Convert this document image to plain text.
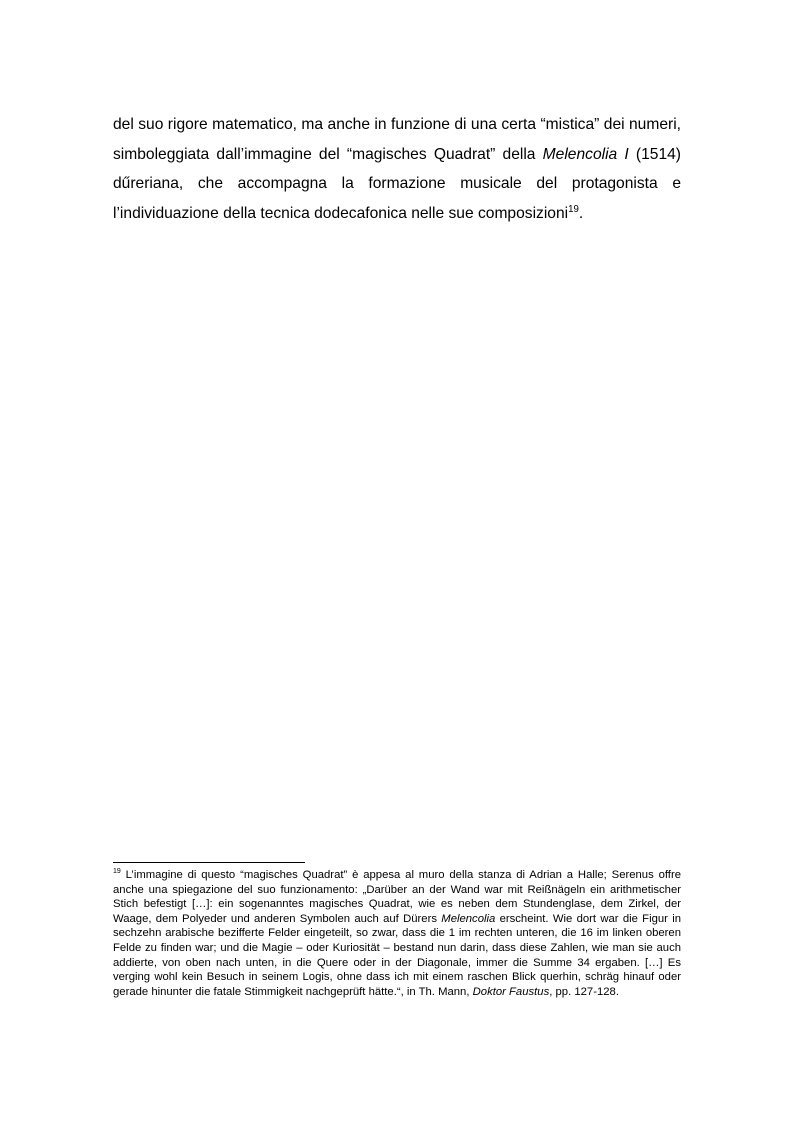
del suo rigore matematico, ma anche in funzione di una certa “mistica” dei numeri, simboleggiata dall’immagine del “magisches Quadrat” della Melencolia I (1514) dűreriana, che accompagna la formazione musicale del protagonista e l’individuazione della tecnica dodecafonica nelle sue composizioni$^{19}$.

$^{19}$ L’immagine di questo “magisches Quadrat” è appesa al muro della stanza di Adrian a Halle; Serenus offre anche una spiegazione del suo funzionamento: „Darüber an der Wand war mit Reißnägeln ein arithmetischer Stich befestigt […]: ein sogenanntes magisches Quadrat, wie es neben dem Stundenglase, dem Zirkel, der Waage, dem Polyeder und anderen Symbolen auch auf Dürers Melencolia erscheint. Wie dort war die Figur in sechzehn arabische bezifferte Felder eingeteilt, so zwar, dass die 1 im rechten unteren, die 16 im linken oberen Felde zu finden war; und die Magie – oder Kuriosität – bestand nun darin, dass diese Zahlen, wie man sie auch addierte, von oben nach unten, in die Quere oder in der Diagonale, immer die Summe 34 ergaben. […] Es verging wohl kein Besuch in seinem Logis, ohne dass ich mit einem raschen Blick querhin, schräg hinauf oder gerade hinunter die fatale Stimmigkeit nachgeprüft hätte.“, in Th. Mann, Doktor Faustus, pp. 127-128.
